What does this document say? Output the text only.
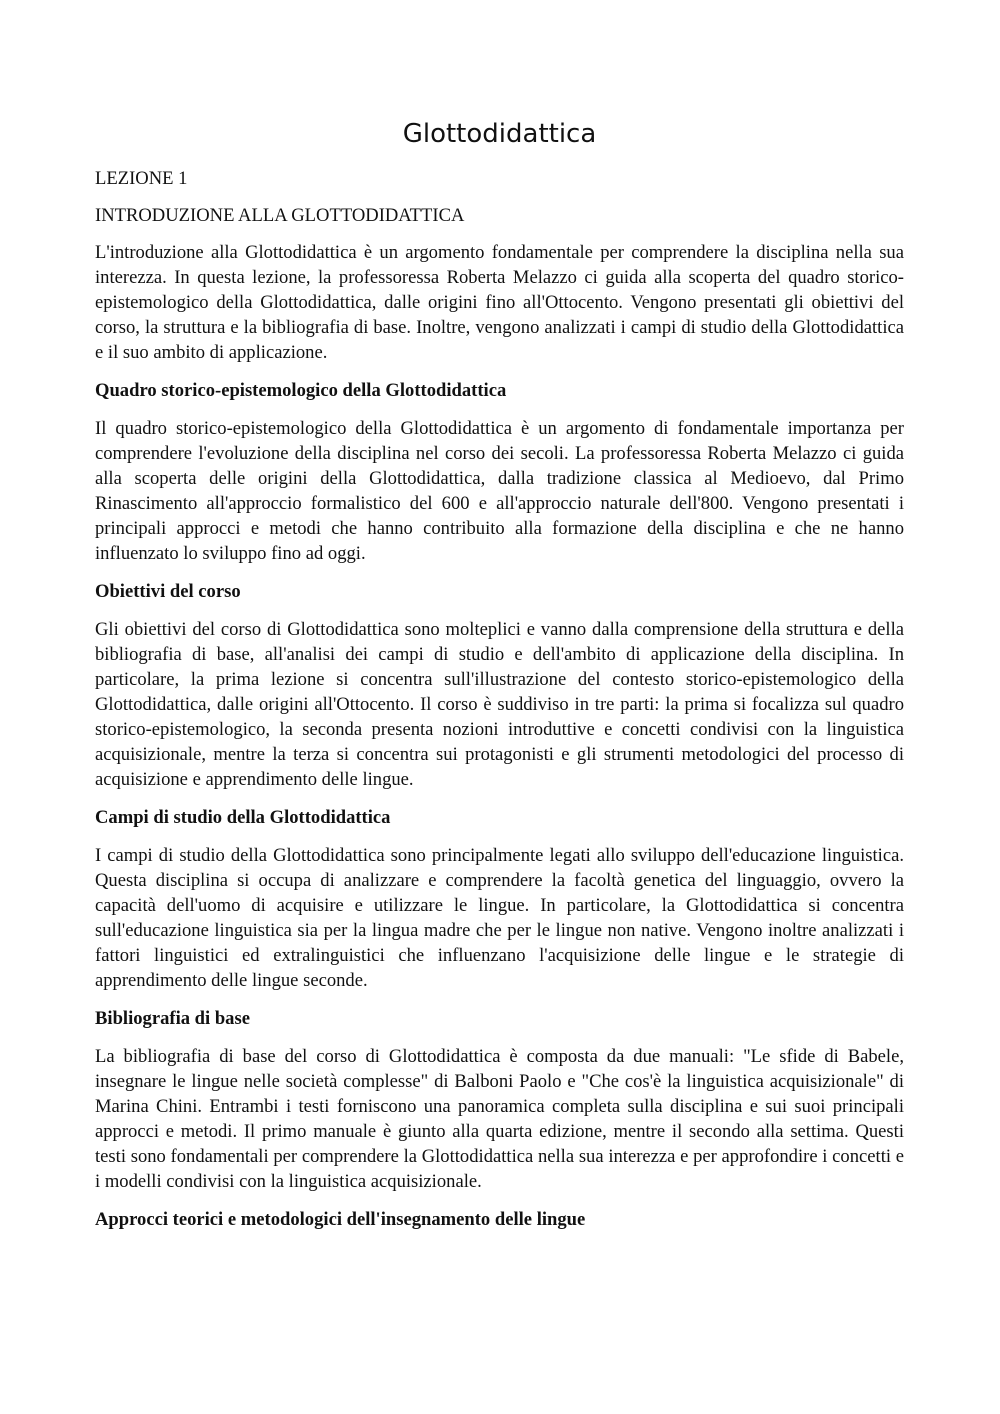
Glottodidattica

LEZIONE 1

INTRODUZIONE ALLA GLOTTODIDATTICA

L'introduzione alla Glottodidattica è un argomento fondamentale per comprendere la disciplina nella sua interezza. In questa lezione, la professoressa Roberta Melazzo ci guida alla scoperta del quadro storico-epistemologico della Glottodidattica, dalle origini fino all'Ottocento. Vengono presentati gli obiettivi del corso, la struttura e la bibliografia di base. Inoltre, vengono analizzati i campi di studio della Glottodidattica e il suo ambito di applicazione.

Quadro storico-epistemologico della Glottodidattica

Il quadro storico-epistemologico della Glottodidattica è un argomento di fondamentale importanza per comprendere l'evoluzione della disciplina nel corso dei secoli. La professoressa Roberta Melazzo ci guida alla scoperta delle origini della Glottodidattica, dalla tradizione classica al Medioevo, dal Primo Rinascimento all'approccio formalistico del 600 e all'approccio naturale dell'800. Vengono presentati i principali approcci e metodi che hanno contribuito alla formazione della disciplina e che ne hanno influenzato lo sviluppo fino ad oggi.

Obiettivi del corso

Gli obiettivi del corso di Glottodidattica sono molteplici e vanno dalla comprensione della struttura e della bibliografia di base, all'analisi dei campi di studio e dell'ambito di applicazione della disciplina. In particolare, la prima lezione si concentra sull'illustrazione del contesto storico-epistemologico della Glottodidattica, dalle origini all'Ottocento. Il corso è suddiviso in tre parti: la prima si focalizza sul quadro storico-epistemologico, la seconda presenta nozioni introduttive e concetti condivisi con la linguistica acquisizionale, mentre la terza si concentra sui protagonisti e gli strumenti metodologici del processo di acquisizione e apprendimento delle lingue.

Campi di studio della Glottodidattica

I campi di studio della Glottodidattica sono principalmente legati allo sviluppo dell'educazione linguistica. Questa disciplina si occupa di analizzare e comprendere la facoltà genetica del linguaggio, ovvero la capacità dell'uomo di acquisire e utilizzare le lingue. In particolare, la Glottodidattica si concentra sull'educazione linguistica sia per la lingua madre che per le lingue non native. Vengono inoltre analizzati i fattori linguistici ed extralinguistici che influenzano l'acquisizione delle lingue e le strategie di apprendimento delle lingue seconde.

Bibliografia di base

La bibliografia di base del corso di Glottodidattica è composta da due manuali: "Le sfide di Babele, insegnare le lingue nelle società complesse" di Balboni Paolo e "Che cos'è la linguistica acquisizionale" di Marina Chini. Entrambi i testi forniscono una panoramica completa sulla disciplina e sui suoi principali approcci e metodi. Il primo manuale è giunto alla quarta edizione, mentre il secondo alla settima. Questi testi sono fondamentali per comprendere la Glottodidattica nella sua interezza e per approfondire i concetti e i modelli condivisi con la linguistica acquisizionale.

Approcci teorici e metodologici dell'insegnamento delle lingue
